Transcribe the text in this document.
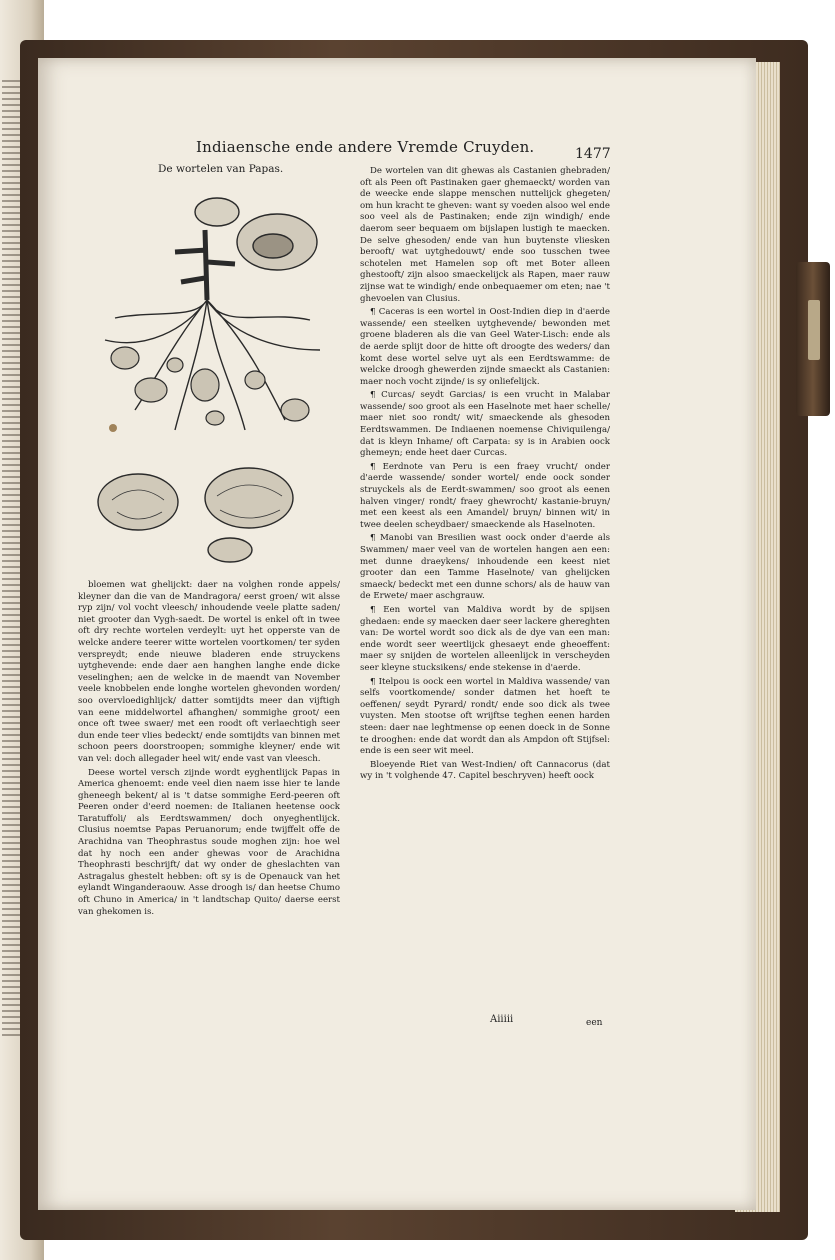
Indiaensche ende andere Vremde Cruyden.	1477
De wortelen van Papas.	De wortelen van dit ghewas als Castanien ghebraden/ oft als Peen oft Pastinaken gaer ghemaeckt/ worden van de weecke ende slappe menschen nuttelijck ghegeten/ om hun kracht te gheven: want sy voeden alsoo wel ende soo veel als de Pastinaken; ende zijn windigh/ ende daerom seer bequaem om bijslapen lustigh te maecken. De selve ghesoden/ ende van hun buytenste vliesken berooft/ wat uytghedouwt/ ende soo tusschen twee schotelen met Hamelen sop oft met Boter alleen ghestooft/ zijn alsoo smaeckelijck als Rapen, maer rauw zijnse wat te windigh/ ende onbequaemer om eten; nae 't ghevoelen van Clusius.

¶ Caceras is een wortel in Oost-Indien diep in d'aerde wassende/ een steelken uytghevende/ bewonden met groene bladeren als die van Geel Water-Lisch: ende als de aerde splijt door de hitte oft droogte des weders/ dan komt dese wortel selve uyt als een Eerdtswamme: de welcke droogh ghewerden zijnde smaeckt als Castanien: maer noch vocht zijnde/ is sy onliefelijck.

¶ Curcas/ seydt Garcias/ is een vrucht in Malabar wassende/ soo groot als een Haselnote met haer schelle/ maer niet soo rondt/ wit/ smaeckende als ghesoden Eerdtswammen. De Indiaenen noemense Chiviquilenga/ dat is kleyn Inhame/ oft Carpata: sy is in Arabien oock ghemeyn; ende heet daer Curcas.

¶ Eerdnote van Peru is een fraey vrucht/ onder d'aerde wassende/ sonder wortel/ ende oock sonder struyckels als de Eerdt-swammen/ soo groot als eenen halven vinger/ rondt/ fraey ghewrocht/ kastanie-bruyn/ met een keest als een Amandel/ bruyn/ binnen wit/ in twee deelen scheydbaer/ smaeckende als Haselnoten.

¶ Manobi van Bresilien wast oock onder d'aerde als Swammen/ maer veel van de wortelen hangen aen een: met dunne draeykens/ inhoudende een keest niet grooter dan een Tamme Haselnote/ van ghelijcken smaeck/ bedeckt met een dunne schors/ als de hauw van de Erwete/ maer aschgrauw.

¶ Een wortel van Maldiva wordt by de spijsen ghedaen: ende sy maecken daer seer lackere ghereghten van: De wortel wordt soo dick als de dye van een man: ende wordt seer weertlijck ghesaeyt ende gheoeffent: maer sy snijden de wortelen alleenlijck in verscheyden seer kleyne stucksikens/ ende stekense in d'aerde.

¶ Itelpou is oock een wortel in Maldiva wassende/ van selfs voortkomende/ sonder datmen het hoeft te oeffenen/ seydt Pyrard/ rondt/ ende soo dick als twee vuysten. Men stootse oft wrijftse teghen eenen harden steen: daer nae leghtmense op eenen doeck in de Sonne te drooghen: ende dat wordt dan als Ampdon oft Stijfsel: ende is een seer wit meel.

Bloeyende Riet van West-Indien/ oft Cannacorus (dat wy in 't volghende 47. Capitel beschryven) heeft oock

bloemen wat ghelijckt: daer na volghen ronde appels/ kleyner dan die van de Mandragora/ eerst groen/ wit alsse ryp zijn/ vol vocht vleesch/ inhoudende veele platte saden/ niet grooter dan Vygh-saedt. De wortel is enkel oft in twee oft dry rechte wortelen verdeylt: uyt het opperste van de welcke andere teerer witte wortelen voortkomen/ ter syden verspreydt; ende nieuwe bladeren ende struyckens uytghevende: ende daer aen hanghen langhe ende dicke veselinghen; aen de welcke in de maendt van November veele knobbelen ende longhe wortelen ghevonden worden/ soo overvloedighlijck/ datter somtijdts meer dan vijftigh van eene middelwortel afhanghen/ sommighe groot/ een once oft twee swaer/ met een roodt oft verlaechtigh seer dun ende teer vlies bedeckt/ ende somtijdts van binnen met schoon peers doorstroopen; sommighe kleyner/ ende wit van vel: doch allegader heel wit/ ende vast van vleesch.

Deese wortel versch zijnde wordt eyghentlijck Papas in America ghenoemt: ende veel dien naem isse hier te lande gheneegh bekent/ al is 't datse sommighe Eerd-peeren oft Peeren onder d'eerd noemen: de Italianen heetense oock Taratuffoli/ als Eerdtswammen/ doch onyeghentlijck. Clusius noemtse Papas Peruanorum; ende twijffelt offe de Arachidna van Theophrastus soude moghen zijn: hoe wel dat hy noch een ander ghewas voor de Arachidna Theophrasti beschrijft/ dat wy onder de gheslachten van Astragalus ghestelt hebben: oft sy is de Openauck van het eylandt Winganderaouw. Asse droogh is/ dan heetse Chumo oft Chuno in America/ in 't landtschap Quito/ daerse eerst van ghekomen is.

Aiiiii	een
